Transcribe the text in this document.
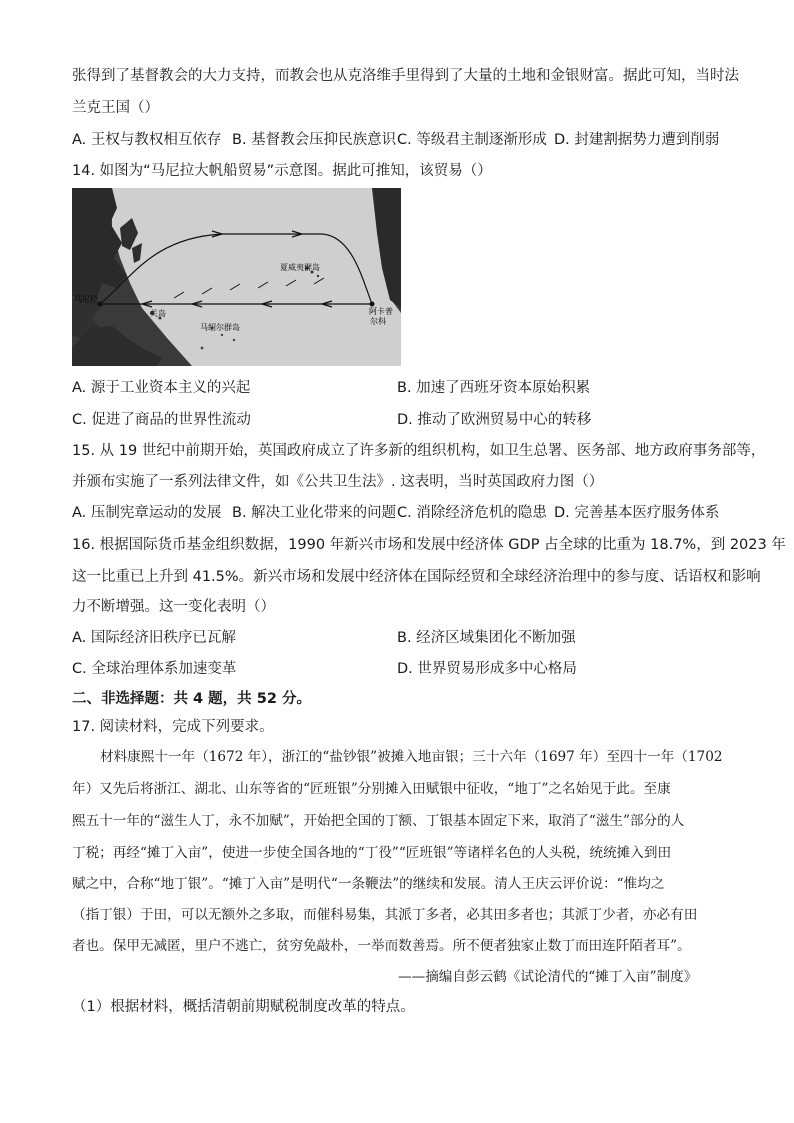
张得到了基督教会的大力支持，而教会也从克洛维手里得到了大量的土地和金银财富。据此可知，当时法
兰克王国（）
A. 王权与教权相互依存 B. 基督教会压抑民族意识 C. 等级君主制逐渐形成 D. 封建割据势力遭到削弱
14. 如图为“马尼拉大帆船贸易”示意图。据此可推知，该贸易（）
马尼拉
关岛
夏威夷群岛
马绍尔群岛
阿卡普
尔科
A. 源于工业资本主义的兴起	B. 加速了西班牙资本原始积累
C. 促进了商品的世界性流动	D. 推动了欧洲贸易中心的转移
15. 从 19 世纪中前期开始，英国政府成立了许多新的组织机构，如卫生总署、医务部、地方政府事务部等，
并颁布实施了一系列法律文件，如《公共卫生法》. 这表明，当时英国政府力图（）
A. 压制宪章运动的发展 B. 解决工业化带来的问题 C. 消除经济危机的隐患 D. 完善基本医疗服务体系
16. 根据国际货币基金组织数据，1990 年新兴市场和发展中经济体 GDP 占全球的比重为 18.7%，到 2023 年
这一比重已上升到 41.5%。新兴市场和发展中经济体在国际经贸和全球经济治理中的参与度、话语权和影响
力不断增强。这一变化表明（）
A. 国际经济旧秩序已瓦解	B. 经济区域集团化不断加强
C. 全球治理体系加速变革	D. 世界贸易形成多中心格局
二、非选择题：共 4 题，共 52 分。
17. 阅读材料，完成下列要求。
材料康熙十一年（1672 年），浙江的“盐钞银”被摊入地亩银；三十六年（1697 年）至四十一年（1702
年）又先后将浙江、湖北、山东等省的“匠班银”分别摊入田赋银中征收，“地丁”之名始见于此。至康
熙五十一年的“滋生人丁，永不加赋”，开始把全国的丁额、丁银基本固定下来，取消了“滋生”部分的人
丁税；再经“摊丁入亩”，使进一步使全国各地的“丁役”“匠班银”等诸样名色的人头税，统统摊入到田
赋之中，合称“地丁银”。“摊丁入亩”是明代“一条鞭法”的继续和发展。清人王庆云评价说：“惟均之
（指丁银）于田，可以无额外之多取，而催科易集，其派丁多者，必其田多者也；其派丁少者，亦必有田
者也。保甲无减匿，里户不逃亡，贫穷免敲朴，一举而数善焉。所不便者独家止数丁而田连阡陌者耳”。
——摘编自彭云鹤《试论清代的“摊丁入亩”制度》
（1）根据材料，概括清朝前期赋税制度改革的特点。
